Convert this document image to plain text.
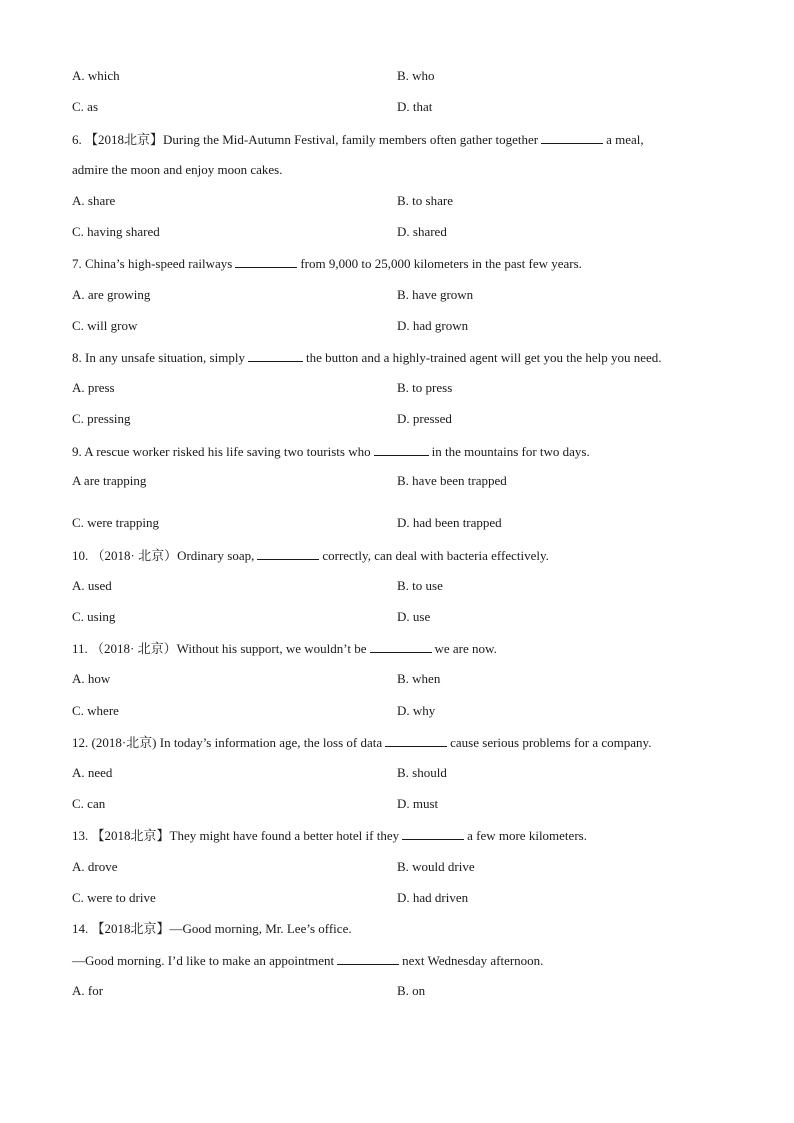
A. which	B. who
C. as	D. that
6. 【2018北京】During the Mid-Autumn Festival, family members often gather together	a meal,
admire the moon and enjoy moon cakes.
A. share	B. to share
C. having shared	D. shared
7. China’s high-speed railways	from 9,000 to 25,000 kilometers in the past few years.
A. are growing	B. have grown
C. will grow	D. had grown
8. In any unsafe situation, simply	the button and a highly-trained agent will get you the help you need.
A. press	B. to press
C. pressing	D. pressed
9. A rescue worker risked his life saving two tourists who	in the mountains for two days.
A are trapping	B. have been trapped
C. were trapping	D. had been trapped
10. （2018· 北京）Ordinary soap,	correctly, can deal with bacteria effectively.
A. used	B. to use
C. using	D. use
11. （2018· 北京）Without his support, we wouldn’t be	we are now.
A. how	B. when
C. where	D. why
12. (2018·北京) In today’s information age, the loss of data	cause serious problems for a company.
A. need	B. should
C. can	D. must
13. 【2018北京】They might have found a better hotel if they	a few more kilometers.
A. drove	B. would drive
C. were to drive	D. had driven
14. 【2018北京】—Good morning, Mr. Lee’s office.
—Good morning. I’d like to make an appointment	next Wednesday afternoon.
A. for	B. on
